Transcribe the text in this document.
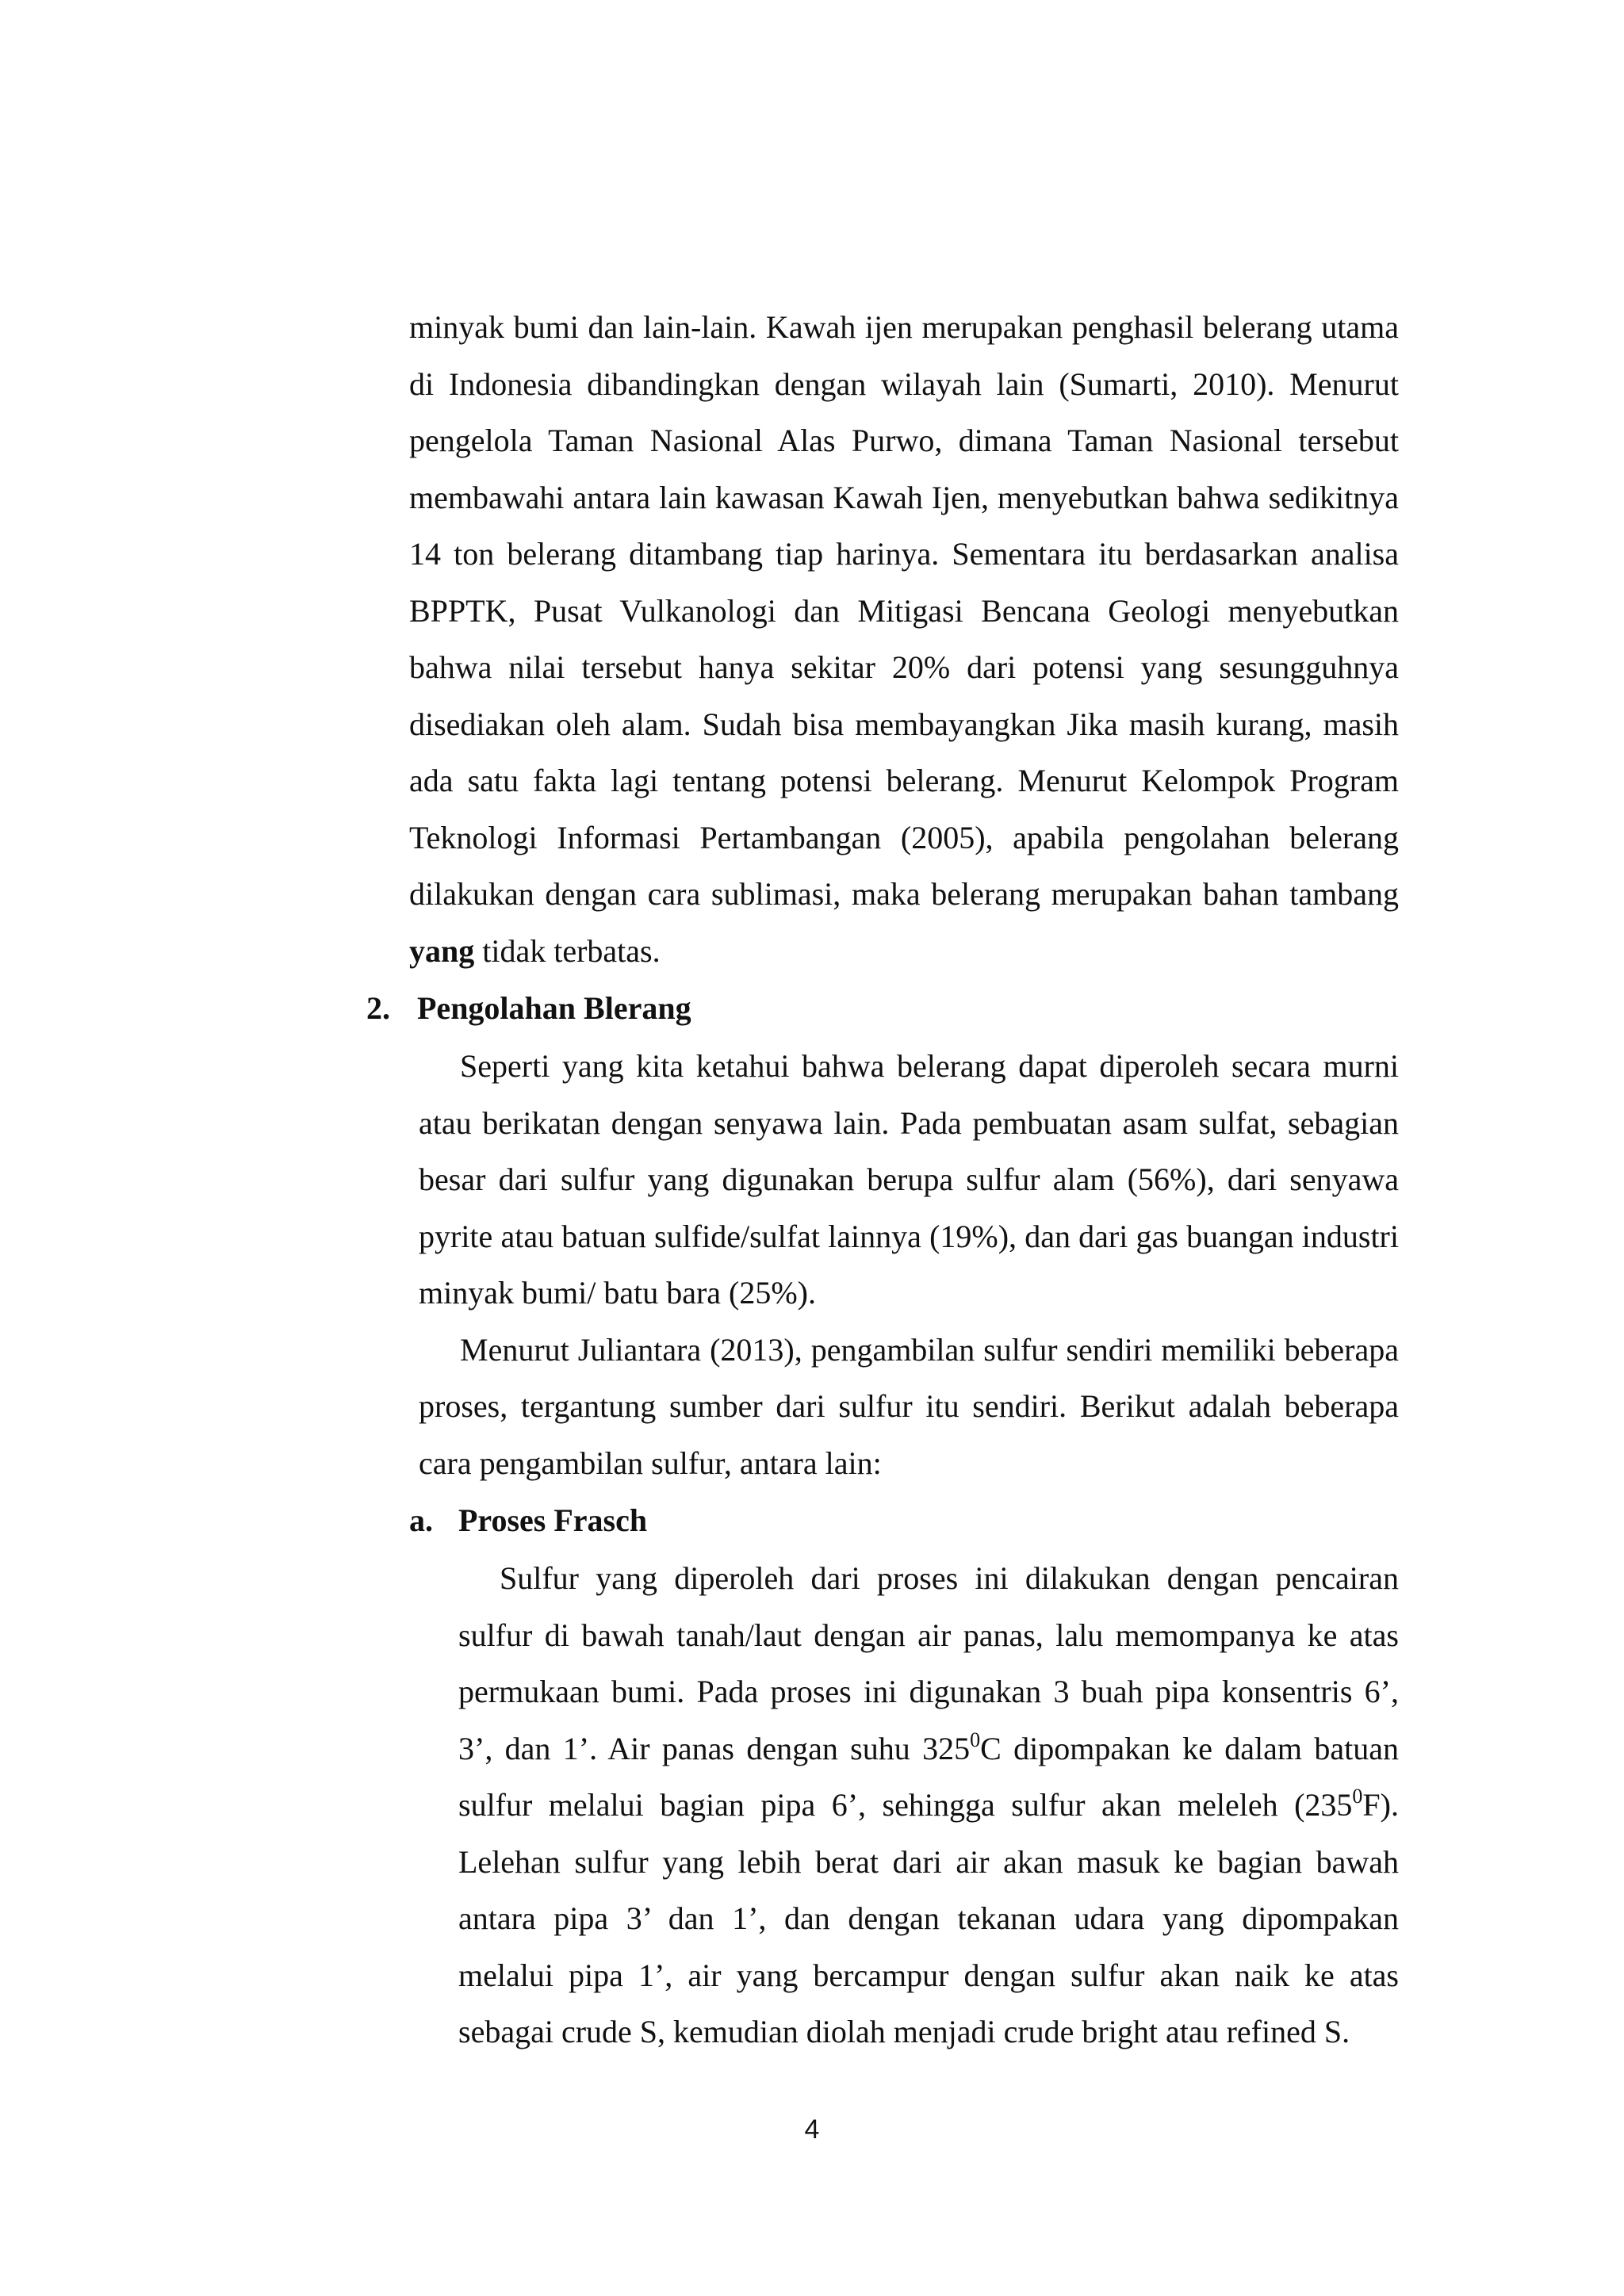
minyak bumi dan lain-lain. Kawah ijen merupakan penghasil belerang utama di Indonesia dibandingkan dengan wilayah lain (Sumarti, 2010). Menurut pengelola Taman Nasional Alas Purwo, dimana Taman Nasional tersebut membawahi antara lain kawasan Kawah Ijen, menyebutkan bahwa sedikitnya 14 ton belerang ditambang tiap harinya. Sementara itu berdasarkan analisa BPPTK, Pusat Vulkanologi dan Mitigasi Bencana Geologi menyebutkan bahwa nilai tersebut hanya sekitar 20% dari potensi yang sesungguhnya disediakan oleh alam. Sudah bisa membayangkan Jika masih kurang, masih ada satu fakta lagi tentang potensi belerang. Menurut Kelompok Program Teknologi Informasi Pertambangan (2005), apabila pengolahan belerang dilakukan dengan cara sublimasi, maka belerang merupakan bahan tambang yang tidak terbatas.

2. Pengolahan Blerang

Seperti yang kita ketahui bahwa belerang dapat diperoleh secara murni atau berikatan dengan senyawa lain. Pada pembuatan asam sulfat, sebagian besar dari sulfur yang digunakan berupa sulfur alam (56%), dari senyawa pyrite atau batuan sulfide/sulfat lainnya (19%), dan dari gas buangan industri minyak bumi/ batu bara (25%).

Menurut Juliantara (2013), pengambilan sulfur sendiri memiliki beberapa proses, tergantung sumber dari sulfur itu sendiri. Berikut adalah beberapa cara pengambilan sulfur, antara lain:

a. Proses Frasch

Sulfur yang diperoleh dari proses ini dilakukan dengan pencairan sulfur di bawah tanah/laut dengan air panas, lalu memompanya ke atas permukaan bumi. Pada proses ini digunakan 3 buah pipa konsentris 6’, 3’, dan 1’. Air panas dengan suhu $325^0C$ dipompakan ke dalam batuan sulfur melalui bagian pipa 6’, sehingga sulfur akan meleleh $(235^0F)$. Lelehan sulfur yang lebih berat dari air akan masuk ke bagian bawah antara pipa 3’ dan 1’, dan dengan tekanan udara yang dipompakan melalui pipa 1’, air yang bercampur dengan sulfur akan naik ke atas sebagai crude S, kemudian diolah menjadi crude bright atau refined S.

4
